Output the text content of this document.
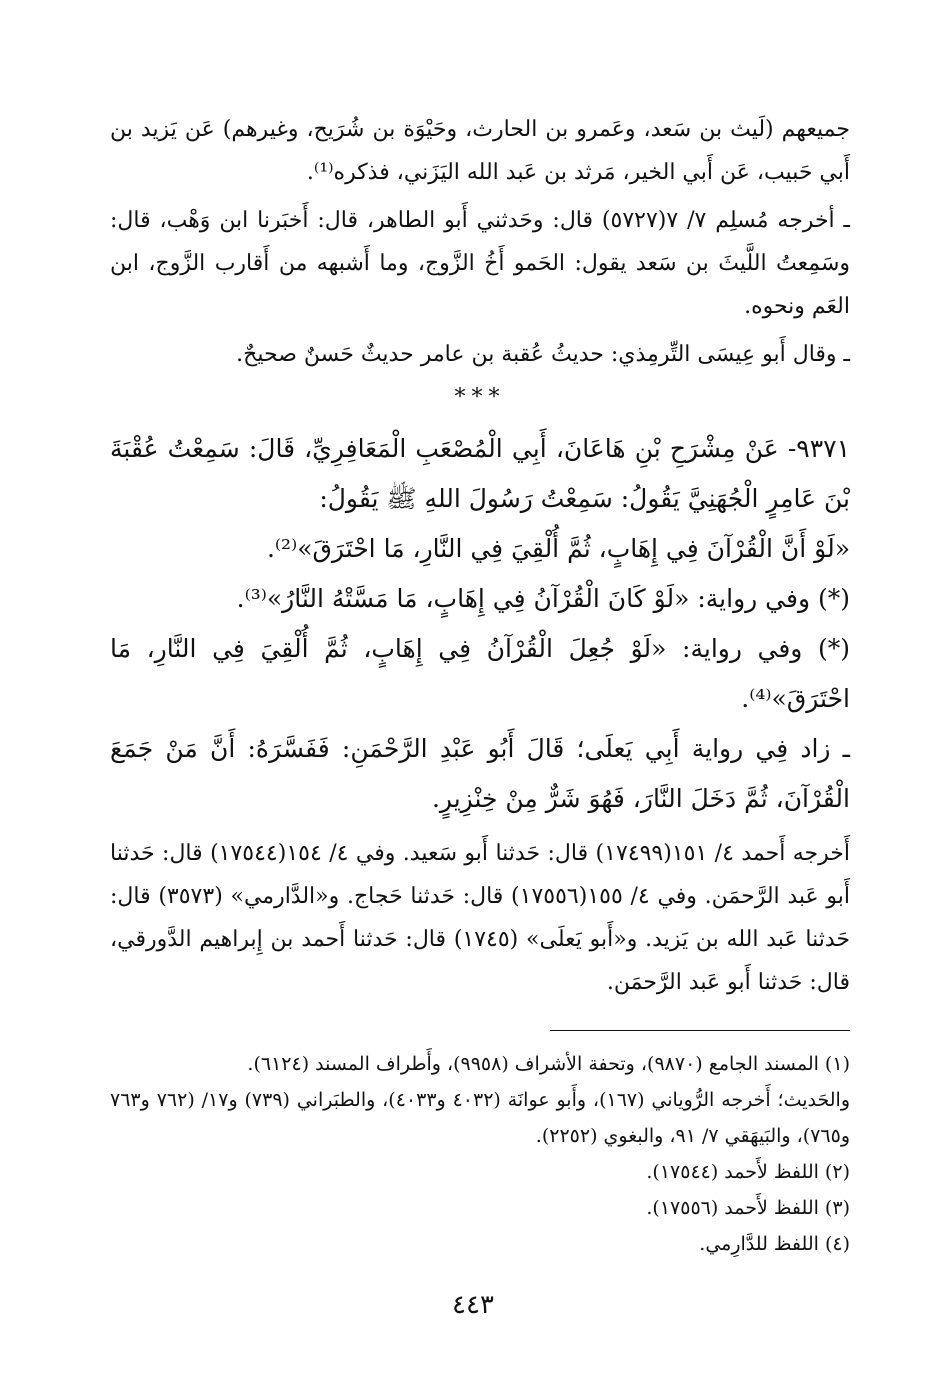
جميعهم (لَيث بن سَعد، وعَمرو بن الحارث، وحَيْوَة بن شُرَيح، وغيرهم) عَن يَزيد بن أَبي حَبيب، عَن أَبي الخير، مَرثد بن عَبد الله اليَزَني، فذكره⁽¹⁾.

ـ أخرجه مُسلِم ٧/ ٧(٥٧٢٧) قال: وحَدثني أَبو الطاهر، قال: أَخبَرنا ابن وَهْب، قال: وسَمِعتُ اللَّيثَ بن سَعد يقول: الحَمو أَخُ الزَّوج، وما أَشبهه من أَقارب الزَّوج، ابن العَم ونحوه.

ـ وقال أَبو عِيسَى التِّرمِذي: حديثُ عُقبة بن عامر حديثٌ حَسنٌ صحيحٌ.

***

٩٣٧١- عَنْ مِشْرَحِ بْنِ هَاعَانَ، أَبِي الْمُصْعَبِ الْمَعَافِرِيِّ، قَالَ: سَمِعْتُ عُقْبَةَ بْنَ عَامِرٍ الْجُهَنِيَّ يَقُولُ: سَمِعْتُ رَسُولَ اللهِ ﷺ يَقُولُ:

«لَوْ أَنَّ الْقُرْآنَ فِي إِهَابٍ، ثُمَّ أُلْقِيَ فِي النَّارِ، مَا احْتَرَقَ»⁽²⁾.

(*) وفي رواية: «لَوْ كَانَ الْقُرْآنُ فِي إِهَابٍ، مَا مَسَّتْهُ النَّارُ»⁽³⁾.

(*) وفي رواية: «لَوْ جُعِلَ الْقُرْآنُ فِي إِهَابٍ، ثُمَّ أُلْقِيَ فِي النَّارِ، مَا احْتَرَقَ»⁽⁴⁾.

ـ زاد فِي رواية أَبِي يَعلَى؛ قَالَ أَبُو عَبْدِ الرَّحْمَنِ: فَفَسَّرَهُ: أَنَّ مَنْ جَمَعَ الْقُرْآنَ، ثُمَّ دَخَلَ النَّارَ، فَهُوَ شَرٌّ مِنْ خِنْزِيرٍ.

أَخرجه أَحمد ٤/ ١٥١(١٧٤٩٩) قال: حَدثنا أَبو سَعيد. وفي ٤/ ١٥٤(١٧٥٤٤) قال: حَدثنا أَبو عَبد الرَّحمَن. وفي ٤/ ١٥٥(١٧٥٥٦) قال: حَدثنا حَجاج. و«الدَّارمي» (٣٥٧٣) قال: حَدثنا عَبد الله بن يَزيد. و«أَبو يَعلَى» (١٧٤٥) قال: حَدثنا أَحمد بن إِبراهيم الدَّورقي، قال: حَدثنا أَبو عَبد الرَّحمَن.

(١) المسند الجامع (٩٨٧٠)، وتحفة الأشراف (٩٩٥٨)، وأَطراف المسند (٦١٢٤).

والحَديث؛ أَخرجه الرُّوياني (١٦٧)، وأَبو عوانَة (٤٠٣٢ و٤٠٣٣)، والطبَراني (٧٣٩) و١٧/ (٧٦٢ و٧٦٣ و٧٦٥)، والبَيهَقي ٧/ ٩١، والبغوي (٢٢٥٢).

(٢) اللفظ لأَحمد (١٧٥٤٤).

(٣) اللفظ لأَحمد (١٧٥٥٦).

(٤) اللفظ للدَّارِمي.

٤٤٣
